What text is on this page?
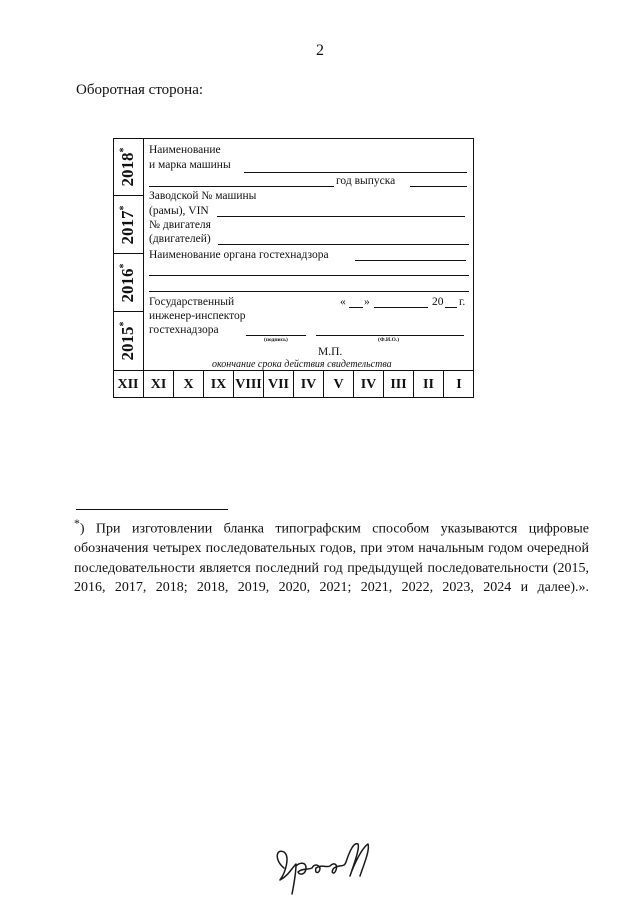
2
Оборотная сторона:
2018*
2017*
2016*
2015*
Наименование
и марка машины
год выпуска
Заводской № машины
(рамы), VIN
№ двигателя
(двигателей)
Наименование органа гостехнадзора
Государственный	« »	20 г.
инженер-инспектор
гостехнадзора
(подпись)	(Ф.И.О.)
М.П.
окончание срока действия свидетельства
XII XI	X	IX VIII VII IV	V	IV	III	II	I
*) При изготовлении бланка типографским способом указываются цифровые обозначения четырех последовательных годов, при этом начальным годом очередной последовательности является последний год предыдущей последовательности (2015, 2016, 2017, 2018; 2018, 2019, 2020, 2021; 2021, 2022, 2023, 2024 и далее).».
